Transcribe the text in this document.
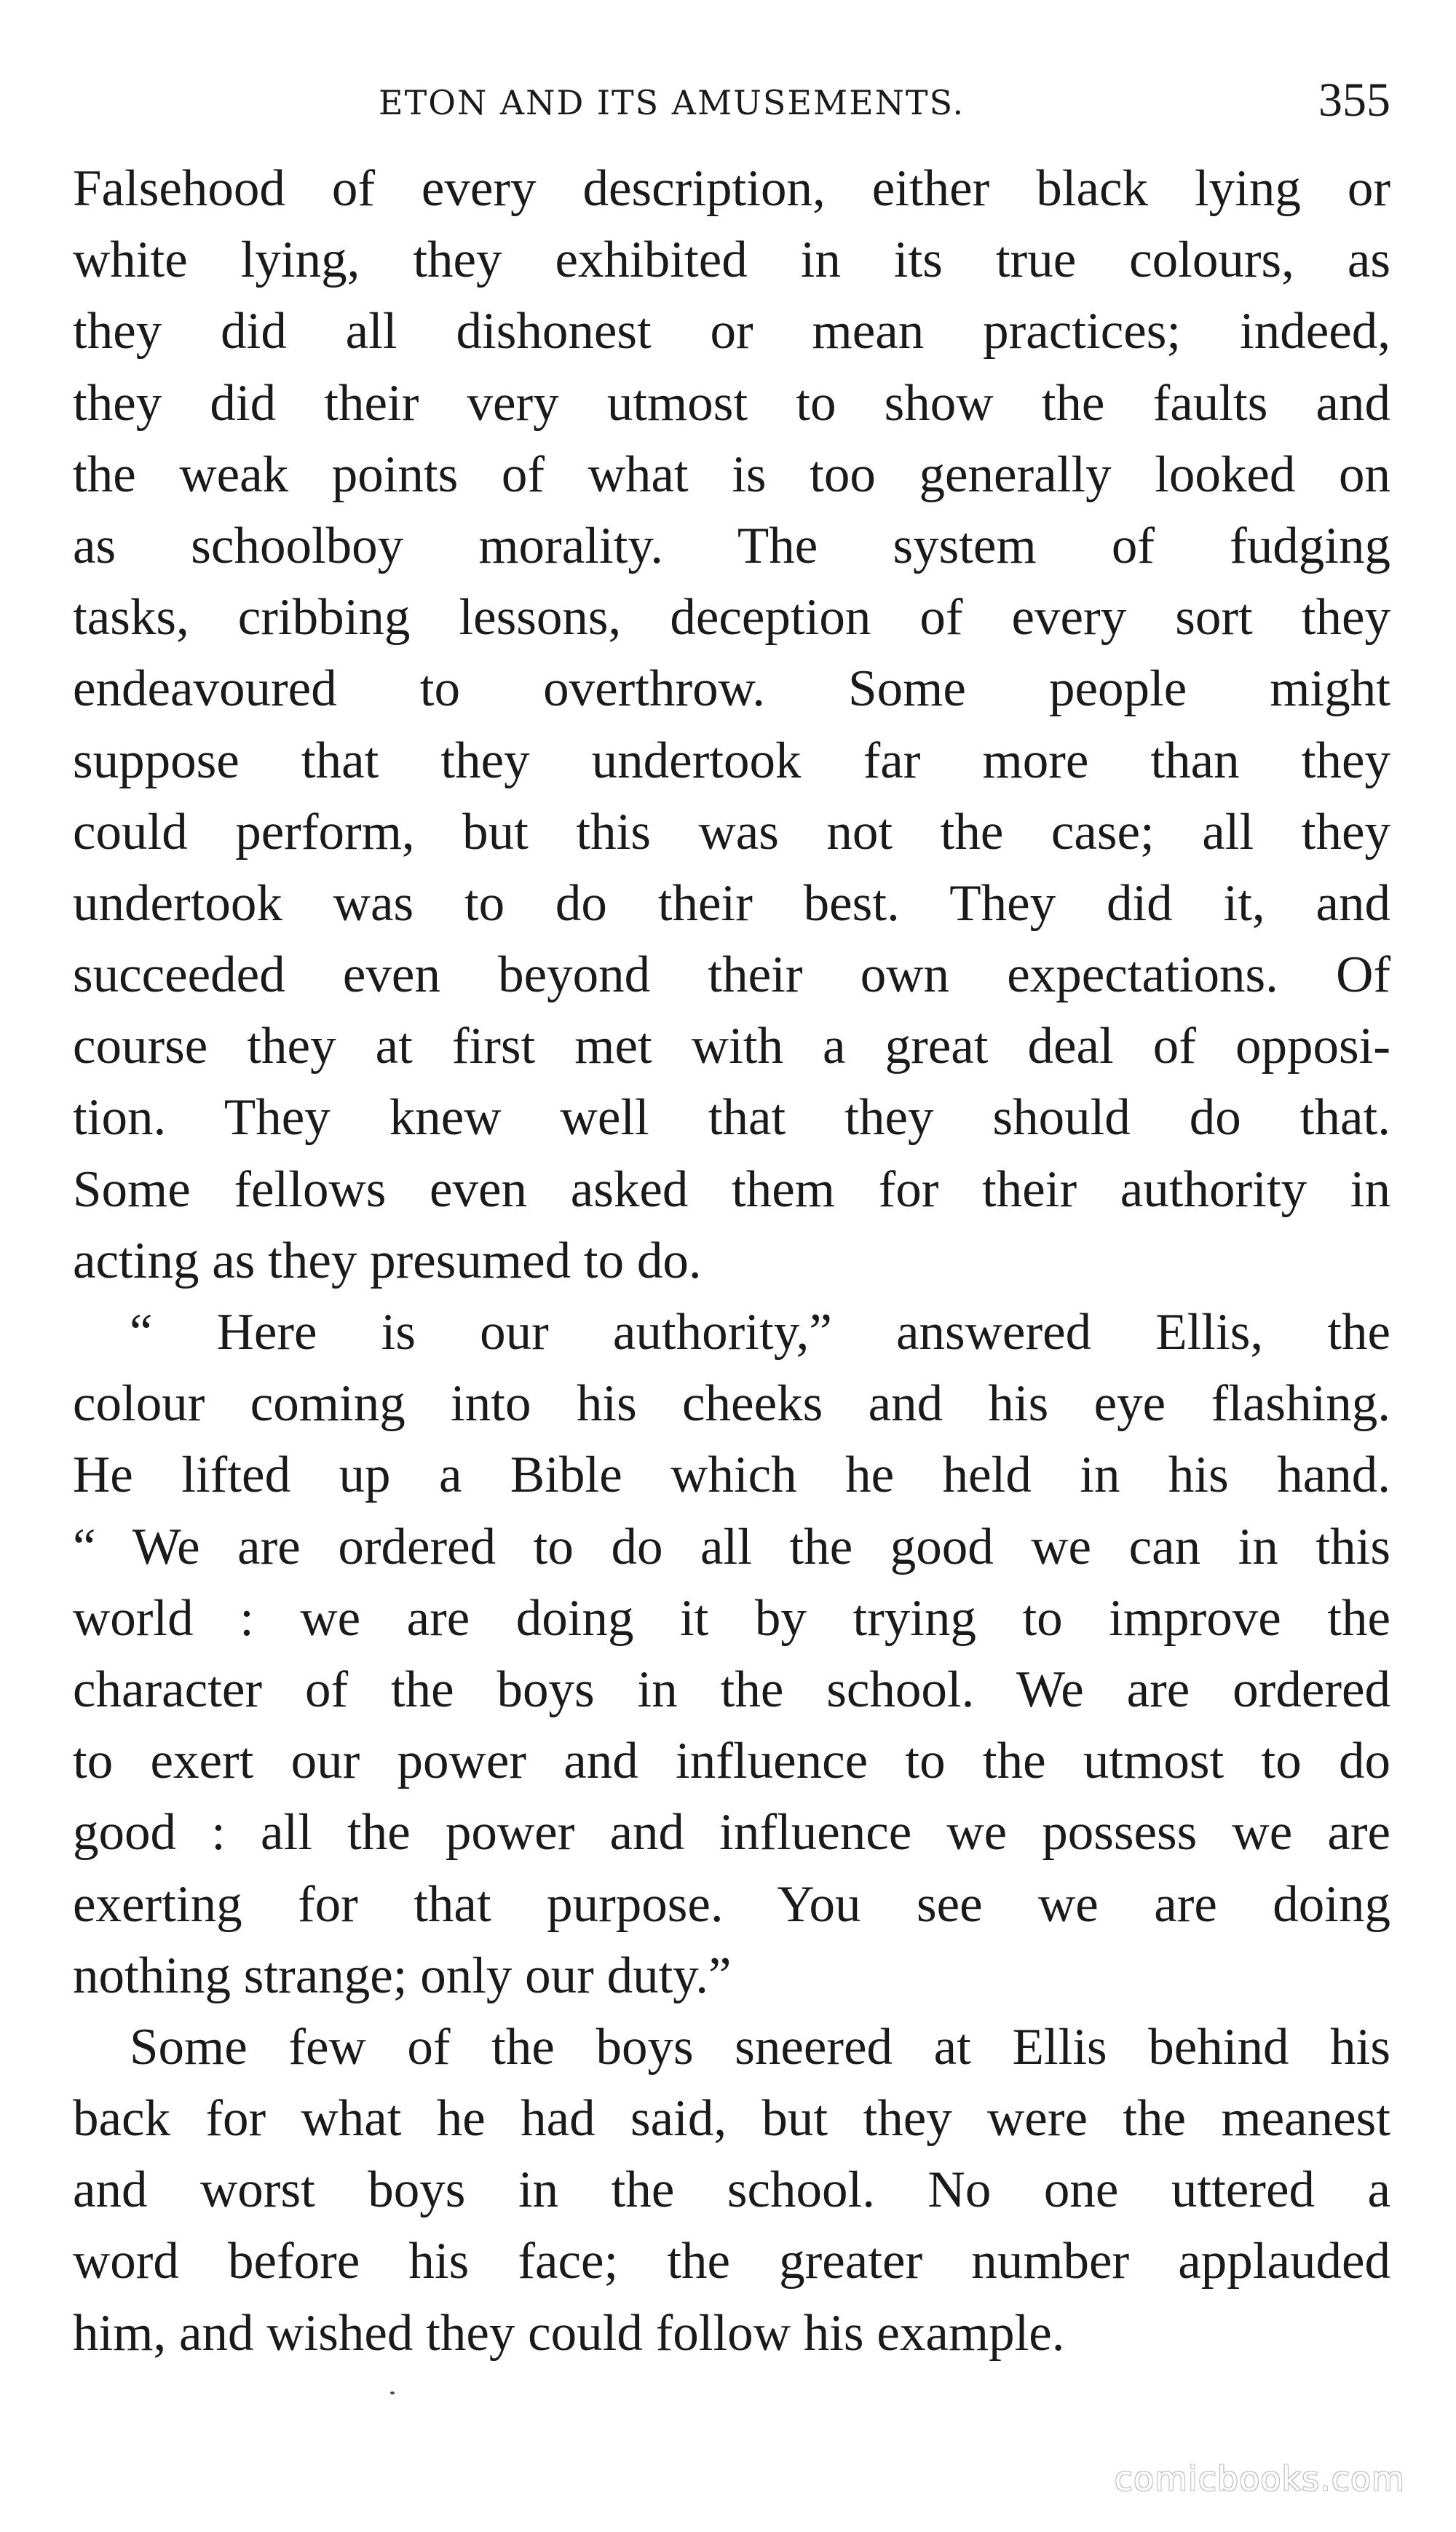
ETON AND ITS AMUSEMENTS.	355
Falsehood of every description, either black lying or
white lying, they exhibited in its true colours, as
they did all dishonest or mean practices; indeed,
they did their very utmost to show the faults and
the weak points of what is too generally looked on
as schoolboy morality. The system of fudging
tasks, cribbing lessons, deception of every sort they
endeavoured to overthrow. Some people might
suppose that they undertook far more than they
could perform, but this was not the case; all they
undertook was to do their best. They did it, and
succeeded even beyond their own expectations. Of
course they at first met with a great deal of opposi-
tion. They knew well that they should do that.
Some fellows even asked them for their authority in
acting as they presumed to do.
“ Here is our authority,” answered Ellis, the
colour coming into his cheeks and his eye flashing.
He lifted up a Bible which he held in his hand.
“ We are ordered to do all the good we can in this
world : we are doing it by trying to improve the
character of the boys in the school. We are ordered
to exert our power and influence to the utmost to do
good : all the power and influence we possess we are
exerting for that purpose. You see we are doing
nothing strange; only our duty.”
Some few of the boys sneered at Ellis behind his
back for what he had said, but they were the meanest
and worst boys in the school. No one uttered a
word before his face; the greater number applauded
him, and wished they could follow his example.
comicbooks.com
